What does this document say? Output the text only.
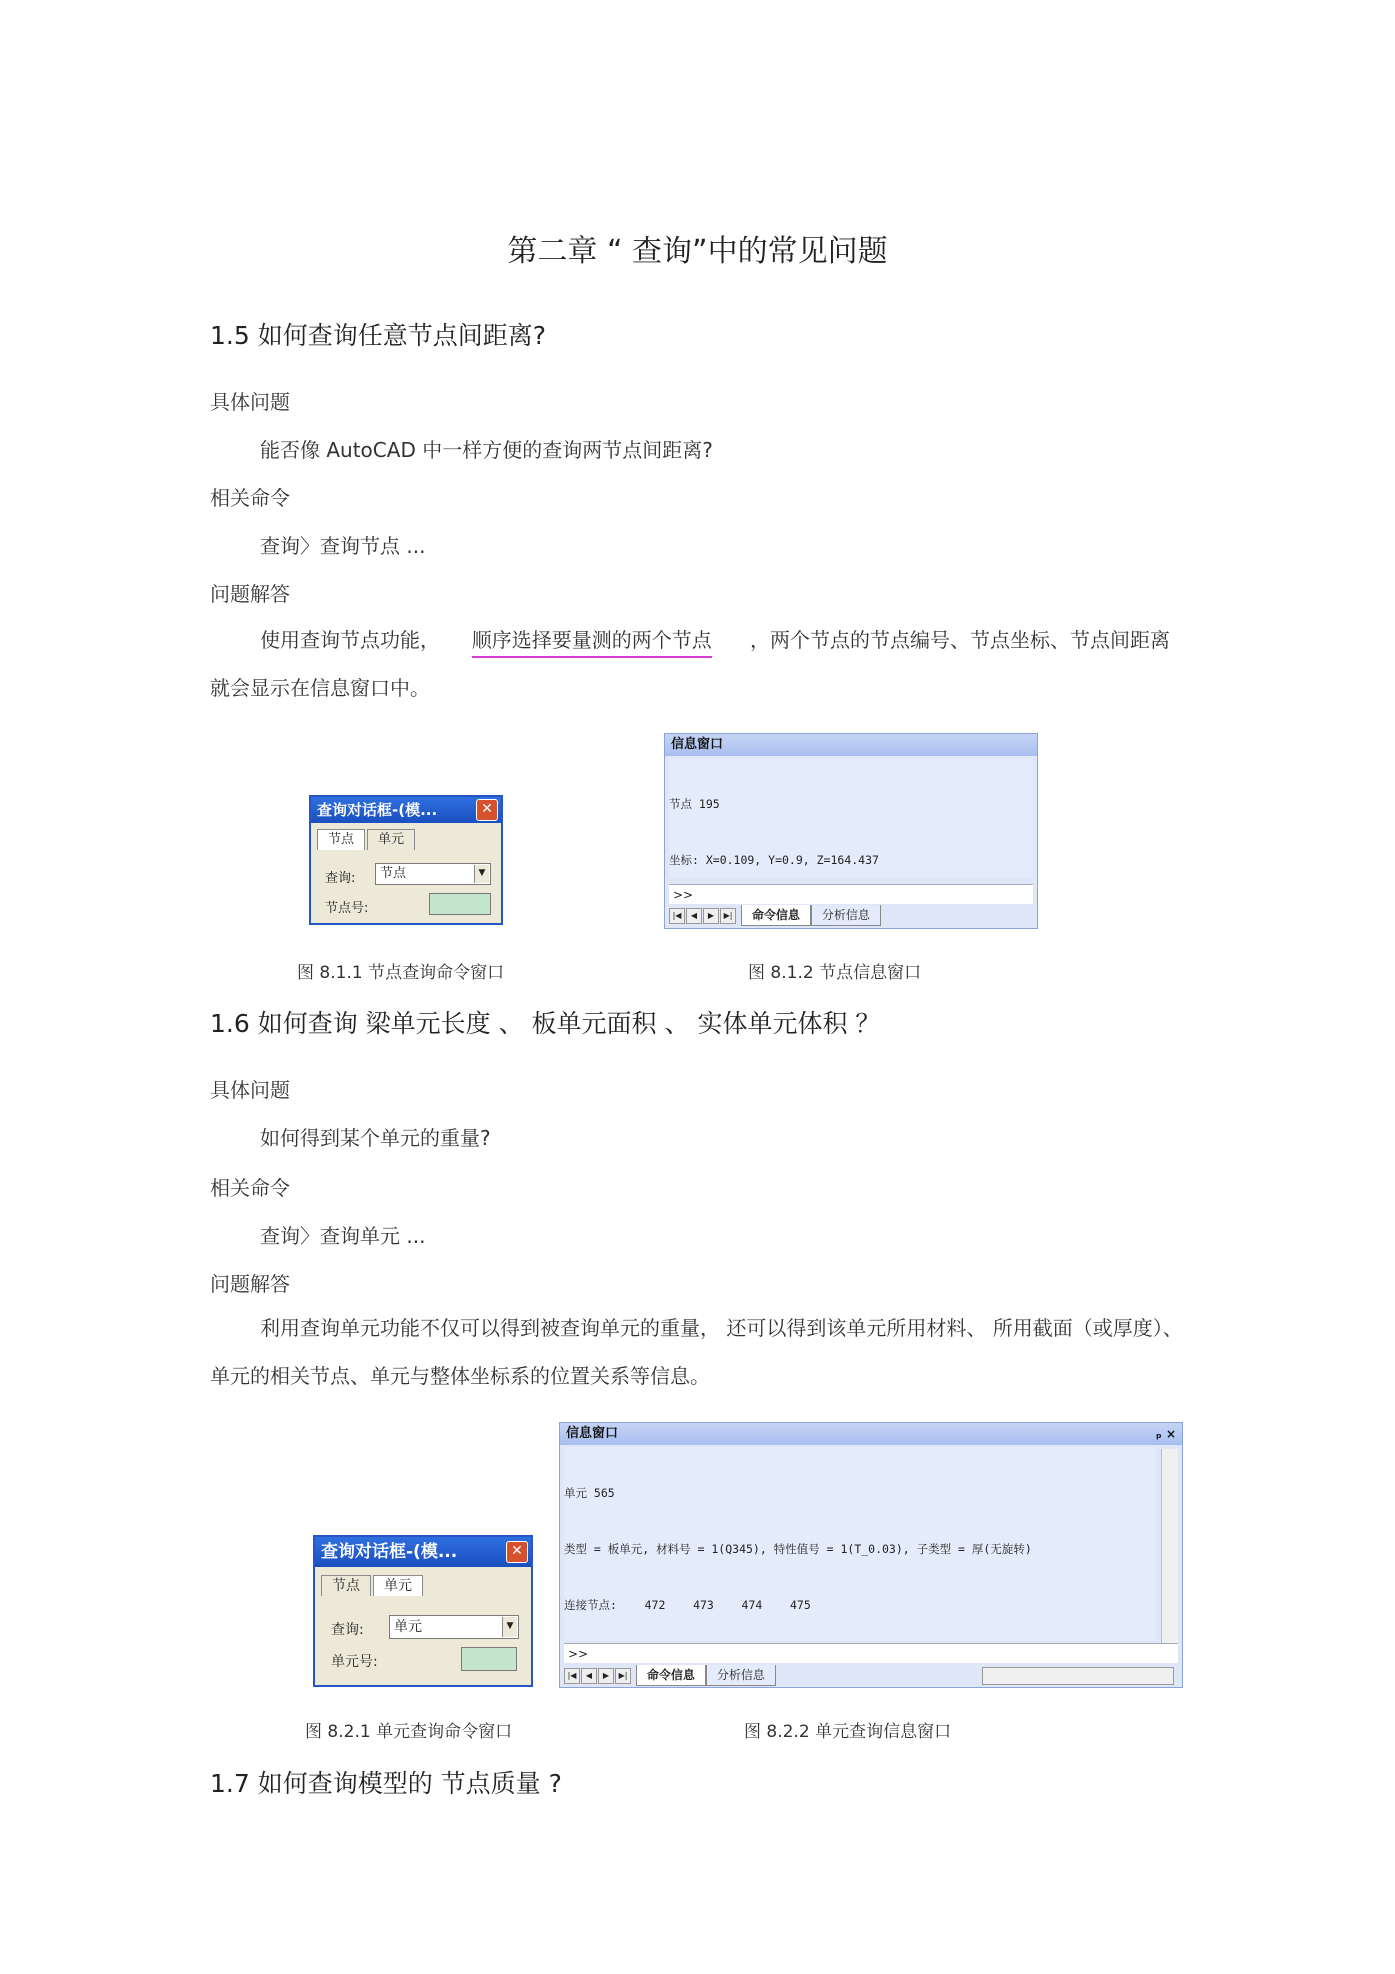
第二章 “ 查询”中的常见问题
1.5 如何查询任意节点间距离?
具体问题
能否像 AutoCAD 中一样方便的查询两节点间距离?
相关命令
查询〉查询节点 ...
问题解答
使用查询节点功能， 顺序选择要量测的两个节点 ，两个节点的节点编号、节点坐标、节点间距离就会显示在信息窗口中。
查询对话框-(模...	✕
节点 单元
查询:	节点	▼
节点号:
信息窗口

节点 195

坐标: X=0.109, Y=0.9, Z=164.437

>>
|◀ ◀ ▶ ▶| 命令信息 分析信息
图 8.1.1 节点查询命令窗口	图 8.1.2 节点信息窗口
1.6 如何查询 梁单元长度 、 板单元面积 、 实体单元体积 ？
具体问题
如何得到某个单元的重量?
相关命令
查询〉查询单元 ...
问题解答
利用查询单元功能不仅可以得到被查询单元的重量， 还可以得到该单元所用材料、 所用截面（或厚度）、单元的相关节点、单元与整体坐标系的位置关系等信息。
查询对话框-(模...	✕
节点 单元
查询:	单元	▼
单元号:
信息窗口	ₚ ×

单元 565

类型 = 板单元, 材料号 = 1(Q345), 特性值号 = 1(T_0.03), 子类型 = 厚(无旋转)

连接节点:    472    473    474    475

>>
|◀ ◀ ▶ ▶| 命令信息 分析信息
图 8.2.1 单元查询命令窗口	图 8.2.2 单元查询信息窗口
1.7 如何查询模型的 节点质量 ?
